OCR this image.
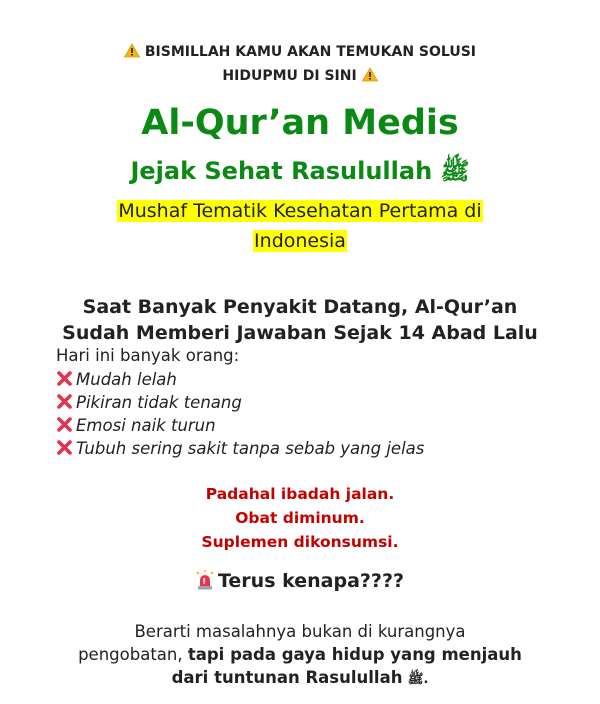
BISMILLAH KAMU AKAN TEMUKAN SOLUSI
HIDUPMU DI SINI
Al-Qur’an Medis
Jejak Sehat Rasulullah ﷺ
Mushaf Tematik Kesehatan Pertama di
Indonesia
Saat Banyak Penyakit Datang, Al-Qur’an
Sudah Memberi Jawaban Sejak 14 Abad Lalu
Hari ini banyak orang:
Mudah lelah
Pikiran tidak tenang
Emosi naik turun
Tubuh sering sakit tanpa sebab yang jelas
Padahal ibadah jalan.
Obat diminum.
Suplemen dikonsumsi.
Terus kenapa????
Berarti masalahnya bukan di kurangnya
pengobatan, tapi pada gaya hidup yang menjauh
dari tuntunan Rasulullah ﷺ.
